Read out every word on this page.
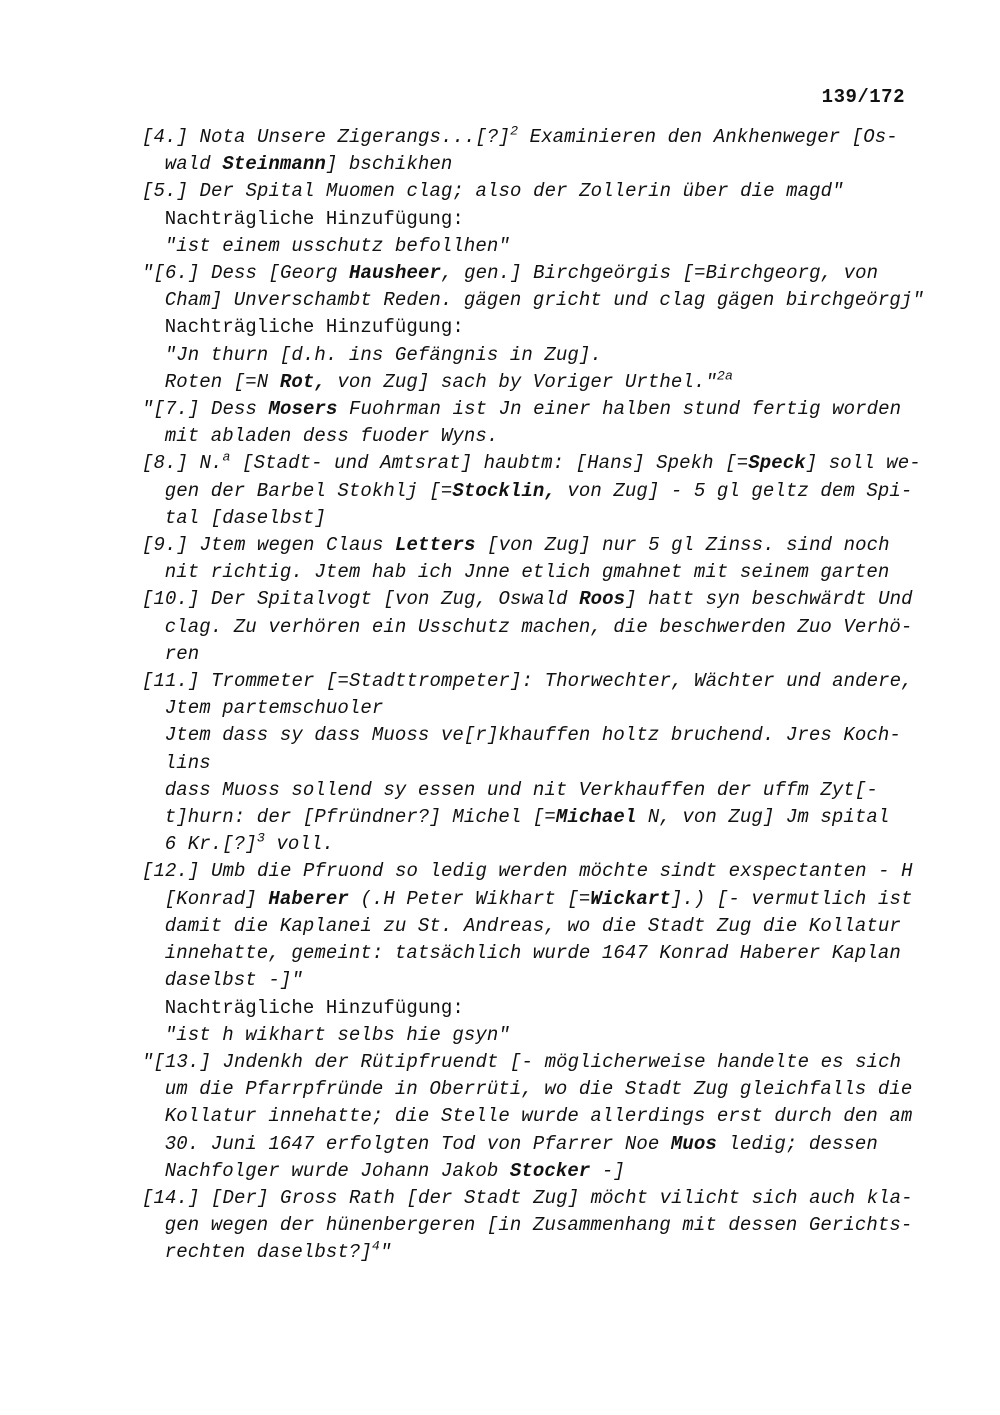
139/172
[4.] Nota Unsere Zigerangs...[?]$^2$ Examinieren den Ankhenweger [Os-
wald Steinmann] bschikhen
[5.] Der Spital Muomen clag; also der Zollerin über die magd"
Nachträgliche Hinzufügung:
"ist einem usschutz befollhen"
"[6.] Dess [Georg Hausheer, gen.] Birchgeörgis [=Birchgeorg, von
Cham] Unverschambt Reden. gägen gricht und clag gägen birchgeörgj"
Nachträgliche Hinzufügung:
"Jn thurn [d.h. ins Gefängnis in Zug].
Roten [=N Rot, von Zug] sach by Voriger Urthel."$^{2a}$
"[7.] Dess Mosers Fuohrman ist Jn einer halben stund fertig worden
mit abladen dess fuoder Wyns.
[8.] N.$^a$ [Stadt- und Amtsrat] haubtm: [Hans] Spekh [=Speck] soll we-
gen der Barbel Stokhlj [=Stocklin, von Zug] - 5 gl geltz dem Spi-
tal [daselbst]
[9.] Jtem wegen Claus Letters [von Zug] nur 5 gl Zinss. sind noch
nit richtig. Jtem hab ich Jnne etlich gmahnet mit seinem garten
[10.] Der Spitalvogt [von Zug, Oswald Roos] hatt syn beschwärdt Und
clag. Zu verhören ein Usschutz machen, die beschwerden Zuo Verhö-
ren
[11.] Trommeter [=Stadttrompeter]: Thorwechter, Wächter und andere,
Jtem partemschuoler
Jtem dass sy dass Muoss ve[r]khauffen holtz bruchend. Jres Koch-
lins
dass Muoss sollend sy essen und nit Verkhauffen der uffm Zyt[-
t]hurn: der [Pfründner?] Michel [=Michael N, von Zug] Jm spital
6 Kr.[?]$^3$ voll.
[12.] Umb die Pfruond so ledig werden möchte sindt exspectanten - H
[Konrad] Haberer (.H Peter Wikhart [=Wickart].) [- vermutlich ist
damit die Kaplanei zu St. Andreas, wo die Stadt Zug die Kollatur
innehatte, gemeint: tatsächlich wurde 1647 Konrad Haberer Kaplan
daselbst -]"
Nachträgliche Hinzufügung:
"ist h wikhart selbs hie gsyn"
"[13.] Jndenkh der Rütipfruendt [- möglicherweise handelte es sich
um die Pfarrpfründe in Oberrüti, wo die Stadt Zug gleichfalls die
Kollatur innehatte; die Stelle wurde allerdings erst durch den am
30. Juni 1647 erfolgten Tod von Pfarrer Noe Muos ledig; dessen
Nachfolger wurde Johann Jakob Stocker -]
[14.] [Der] Gross Rath [der Stadt Zug] möcht vilicht sich auch kla-
gen wegen der hünenbergeren [in Zusammenhang mit dessen Gerichts-
rechten daselbst?]$^4$"
